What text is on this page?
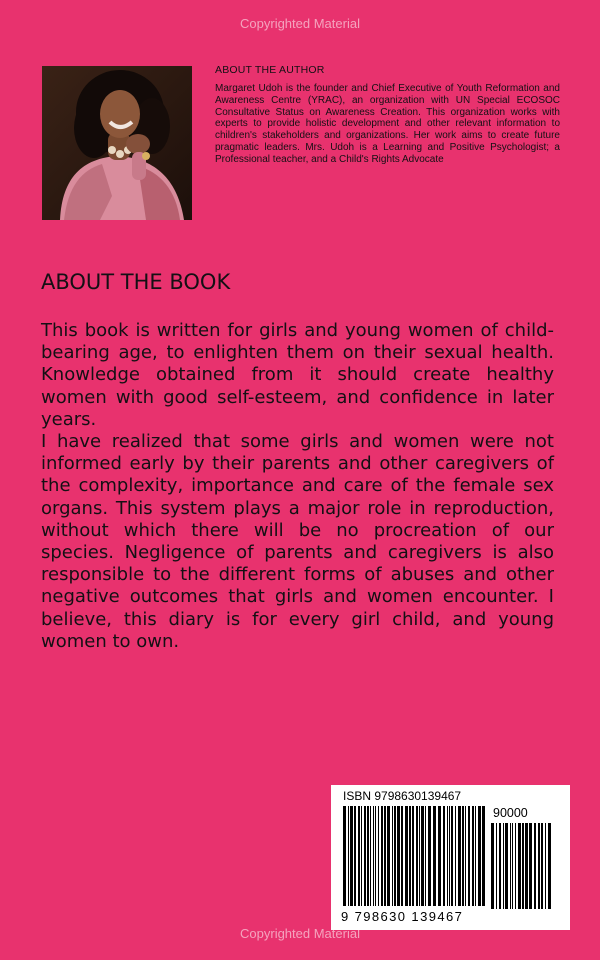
Copyrighted Material
ABOUT THE AUTHOR

Margaret Udoh is the founder and Chief Executive of Youth Reformation and Awareness Centre (YRAC), an organization with UN Special ECOSOC Consultative Status on Awareness Creation. This organization works with experts to provide holistic development and other relevant information to children's stakeholders and organizations. Her work aims to create future pragmatic leaders. Mrs. Udoh is a Learning and Positive Psychologist; a Professional teacher, and a Child's Rights Advocate

ABOUT THE BOOK

This book is written for girls and young women of child-bearing age, to enlighten them on their sexual health. Knowledge obtained from it should create healthy women with good self-esteem, and confidence in later years.

I have realized that some girls and women were not informed early by their parents and other caregivers of the complexity, importance and care of the female sex organs. This system plays a major role in reproduction, without which there will be no procreation of our species. Negligence of parents and caregivers is also responsible to the different forms of abuses and other negative outcomes that girls and women encounter. I believe, this diary is for every girl child, and young women to own.

ISBN 9798630139467
90000
9 798630 139467
Copyrighted Material
